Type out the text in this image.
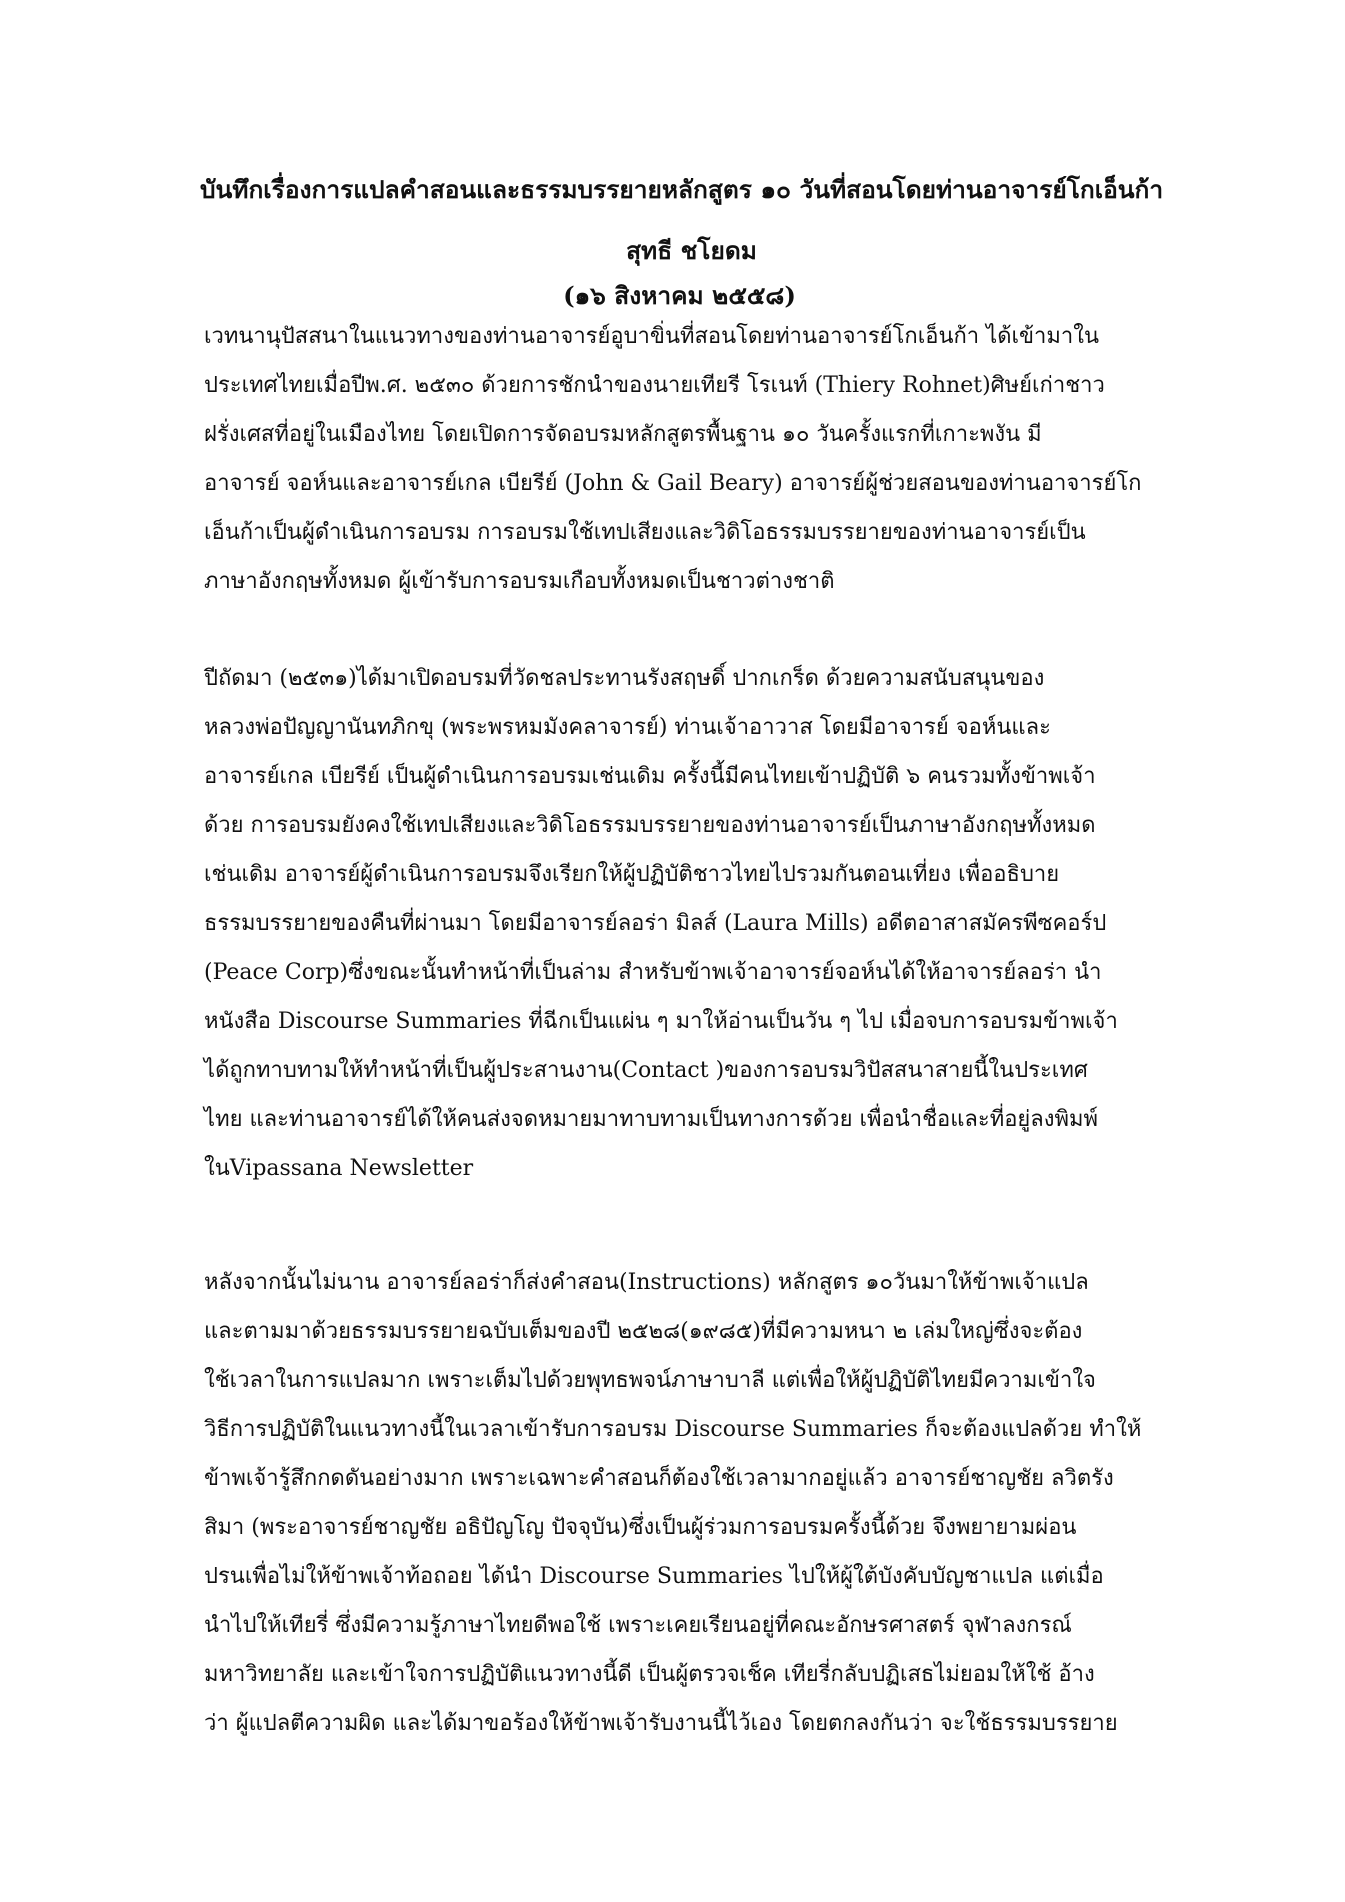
บันทึกเรื่องการแปลคำสอนและธรรมบรรยายหลักสูตร ๑๐ วันที่สอนโดยท่านอาจารย์โกเอ็นก้า
สุทธี ชโยดม
(๑๖ สิงหาคม ๒๕๕๘)
เวทนานุปัสสนาในแนวทางของท่านอาจารย์อูบาขิ่นที่สอนโดยท่านอาจารย์โกเอ็นก้า ได้เข้ามาใน
ประเทศไทยเมื่อปีพ.ศ. ๒๕๓๐ ด้วยการชักนำของนายเทียรี โรเนท์ (Thiery Rohnet)ศิษย์เก่าชาว
ฝรั่งเศสที่อยู่ในเมืองไทย โดยเปิดการจัดอบรมหลักสูตรพื้นฐาน ๑๐ วันครั้งแรกที่เกาะพงัน มี
อาจารย์ จอห์นและอาจารย์เกล เบียรีย์ (John & Gail Beary) อาจารย์ผู้ช่วยสอนของท่านอาจารย์โก
เอ็นก้าเป็นผู้ดำเนินการอบรม การอบรมใช้เทปเสียงและวิดิโอธรรมบรรยายของท่านอาจารย์เป็น
ภาษาอังกฤษทั้งหมด ผู้เข้ารับการอบรมเกือบทั้งหมดเป็นชาวต่างชาติ
ปีถัดมา (๒๕๓๑)ได้มาเปิดอบรมที่วัดชลประทานรังสฤษดิ์ ปากเกร็ด ด้วยความสนับสนุนของ
หลวงพ่อปัญญานันทภิกขุ (พระพรหมมังคลาจารย์) ท่านเจ้าอาวาส โดยมีอาจารย์ จอห์นและ
อาจารย์เกล เบียรีย์ เป็นผู้ดำเนินการอบรมเช่นเดิม ครั้งนี้มีคนไทยเข้าปฏิบัติ ๖ คนรวมทั้งข้าพเจ้า
ด้วย การอบรมยังคงใช้เทปเสียงและวิดิโอธรรมบรรยายของท่านอาจารย์เป็นภาษาอังกฤษทั้งหมด
เช่นเดิม อาจารย์ผู้ดำเนินการอบรมจึงเรียกให้ผู้ปฏิบัติชาวไทยไปรวมกันตอนเที่ยง เพื่ออธิบาย
ธรรมบรรยายของคืนที่ผ่านมา โดยมีอาจารย์ลอร่า มิลส์ (Laura Mills) อดีตอาสาสมัครพีซคอร์ป
(Peace Corp)ซึ่งขณะนั้นทำหน้าที่เป็นล่าม สำหรับข้าพเจ้าอาจารย์จอห์นได้ให้อาจารย์ลอร่า นำ
หนังสือ Discourse Summaries ที่ฉีกเป็นแผ่น ๆ มาให้อ่านเป็นวัน ๆ ไป เมื่อจบการอบรมข้าพเจ้า
ได้ถูกทาบทามให้ทำหน้าที่เป็นผู้ประสานงาน(Contact )ของการอบรมวิปัสสนาสายนี้ในประเทศ
ไทย และท่านอาจารย์ได้ให้คนส่งจดหมายมาทาบทามเป็นทางการด้วย เพื่อนำชื่อและที่อยู่ลงพิมพ์
ในVipassana Newsletter
หลังจากนั้นไม่นาน อาจารย์ลอร่าก็ส่งคำสอน(Instructions) หลักสูตร ๑๐วันมาให้ข้าพเจ้าแปล
และตามมาด้วยธรรมบรรยายฉบับเต็มของปี ๒๕๒๘(๑๙๘๕)ที่มีความหนา ๒ เล่มใหญ่ซึ่งจะต้อง
ใช้เวลาในการแปลมาก เพราะเต็มไปด้วยพุทธพจน์ภาษาบาลี แต่เพื่อให้ผู้ปฏิบัติไทยมีความเข้าใจ
วิธีการปฏิบัติในแนวทางนี้ในเวลาเข้ารับการอบรม Discourse Summaries ก็จะต้องแปลด้วย ทำให้
ข้าพเจ้ารู้สึกกดดันอย่างมาก เพราะเฉพาะคำสอนก็ต้องใช้เวลามากอยู่แล้ว อาจารย์ชาญชัย ลวิตรัง
สิมา (พระอาจารย์ชาญชัย อธิปัญโญ ปัจจุบัน)ซึ่งเป็นผู้ร่วมการอบรมครั้งนี้ด้วย จึงพยายามผ่อน
ปรนเพื่อไม่ให้ข้าพเจ้าท้อถอย ได้นำ Discourse Summaries ไปให้ผู้ใต้บังคับบัญชาแปล แต่เมื่อ
นำไปให้เทียรี่ ซึ่งมีความรู้ภาษาไทยดีพอใช้ เพราะเคยเรียนอยู่ที่คณะอักษรศาสตร์ จุฬาลงกรณ์
มหาวิทยาลัย และเข้าใจการปฏิบัติแนวทางนี้ดี เป็นผู้ตรวจเช็ค เทียรี่กลับปฏิเสธไม่ยอมให้ใช้ อ้าง
ว่า ผู้แปลตีความผิด และได้มาขอร้องให้ข้าพเจ้ารับงานนี้ไว้เอง โดยตกลงกันว่า จะใช้ธรรมบรรยาย
